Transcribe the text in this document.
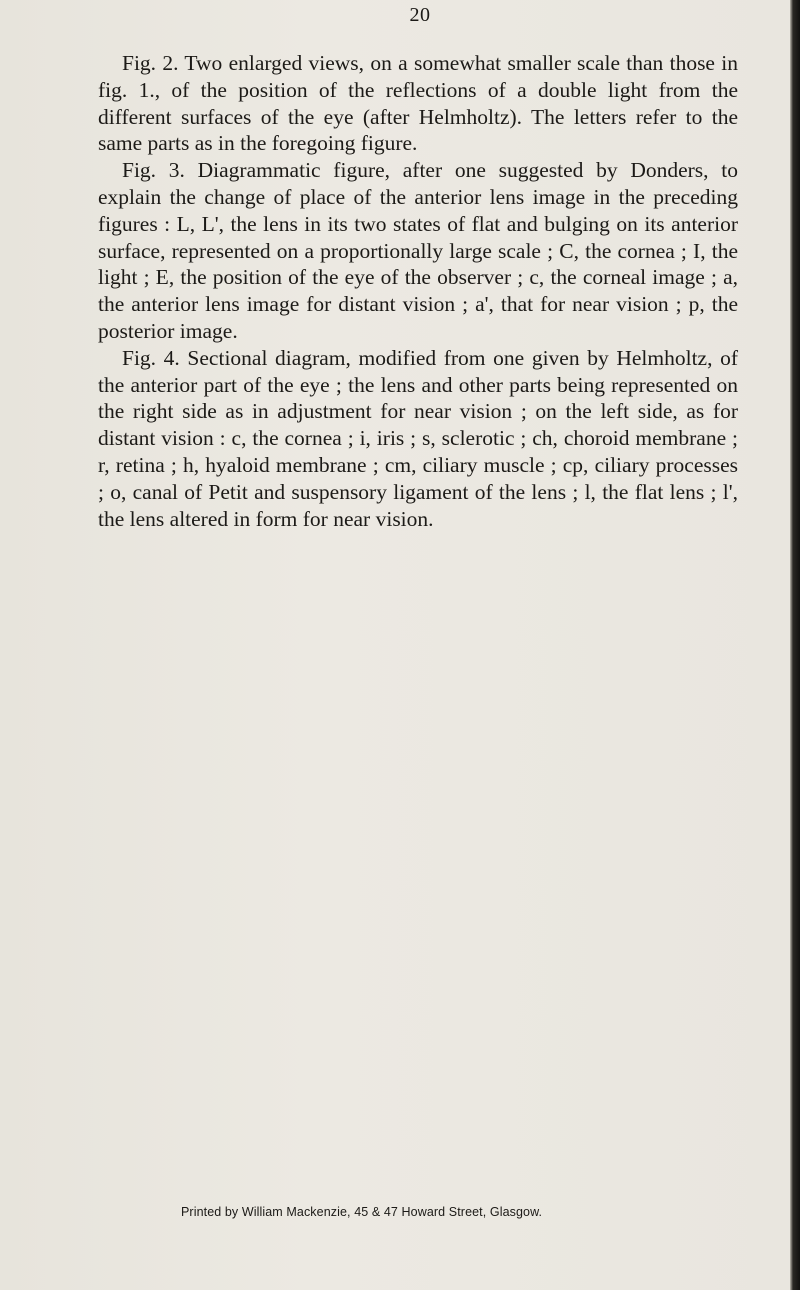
20

Fig. 2. Two enlarged views, on a somewhat smaller scale than those in fig. 1., of the position of the reflections of a double light from the different surfaces of the eye (after Helmholtz). The letters refer to the same parts as in the foregoing figure.

Fig. 3. Diagrammatic figure, after one suggested by Donders, to explain the change of place of the anterior lens image in the preceding figures : L, L', the lens in its two states of flat and bulging on its anterior surface, represented on a proportionally large scale ; C, the cornea ; I, the light ; E, the position of the eye of the observer ; c, the corneal image ; a, the anterior lens image for distant vision ; a', that for near vision ; p, the posterior image.

Fig. 4. Sectional diagram, modified from one given by Helmholtz, of the anterior part of the eye ; the lens and other parts being represented on the right side as in adjustment for near vision ; on the left side, as for distant vision : c, the cornea ; i, iris ; s, sclerotic ; ch, choroid membrane ; r, retina ; h, hyaloid membrane ; cm, ciliary muscle ; cp, ciliary processes ; o, canal of Petit and suspensory ligament of the lens ; l, the flat lens ; l', the lens altered in form for near vision.

Printed by William Mackenzie, 45 & 47 Howard Street, Glasgow.
